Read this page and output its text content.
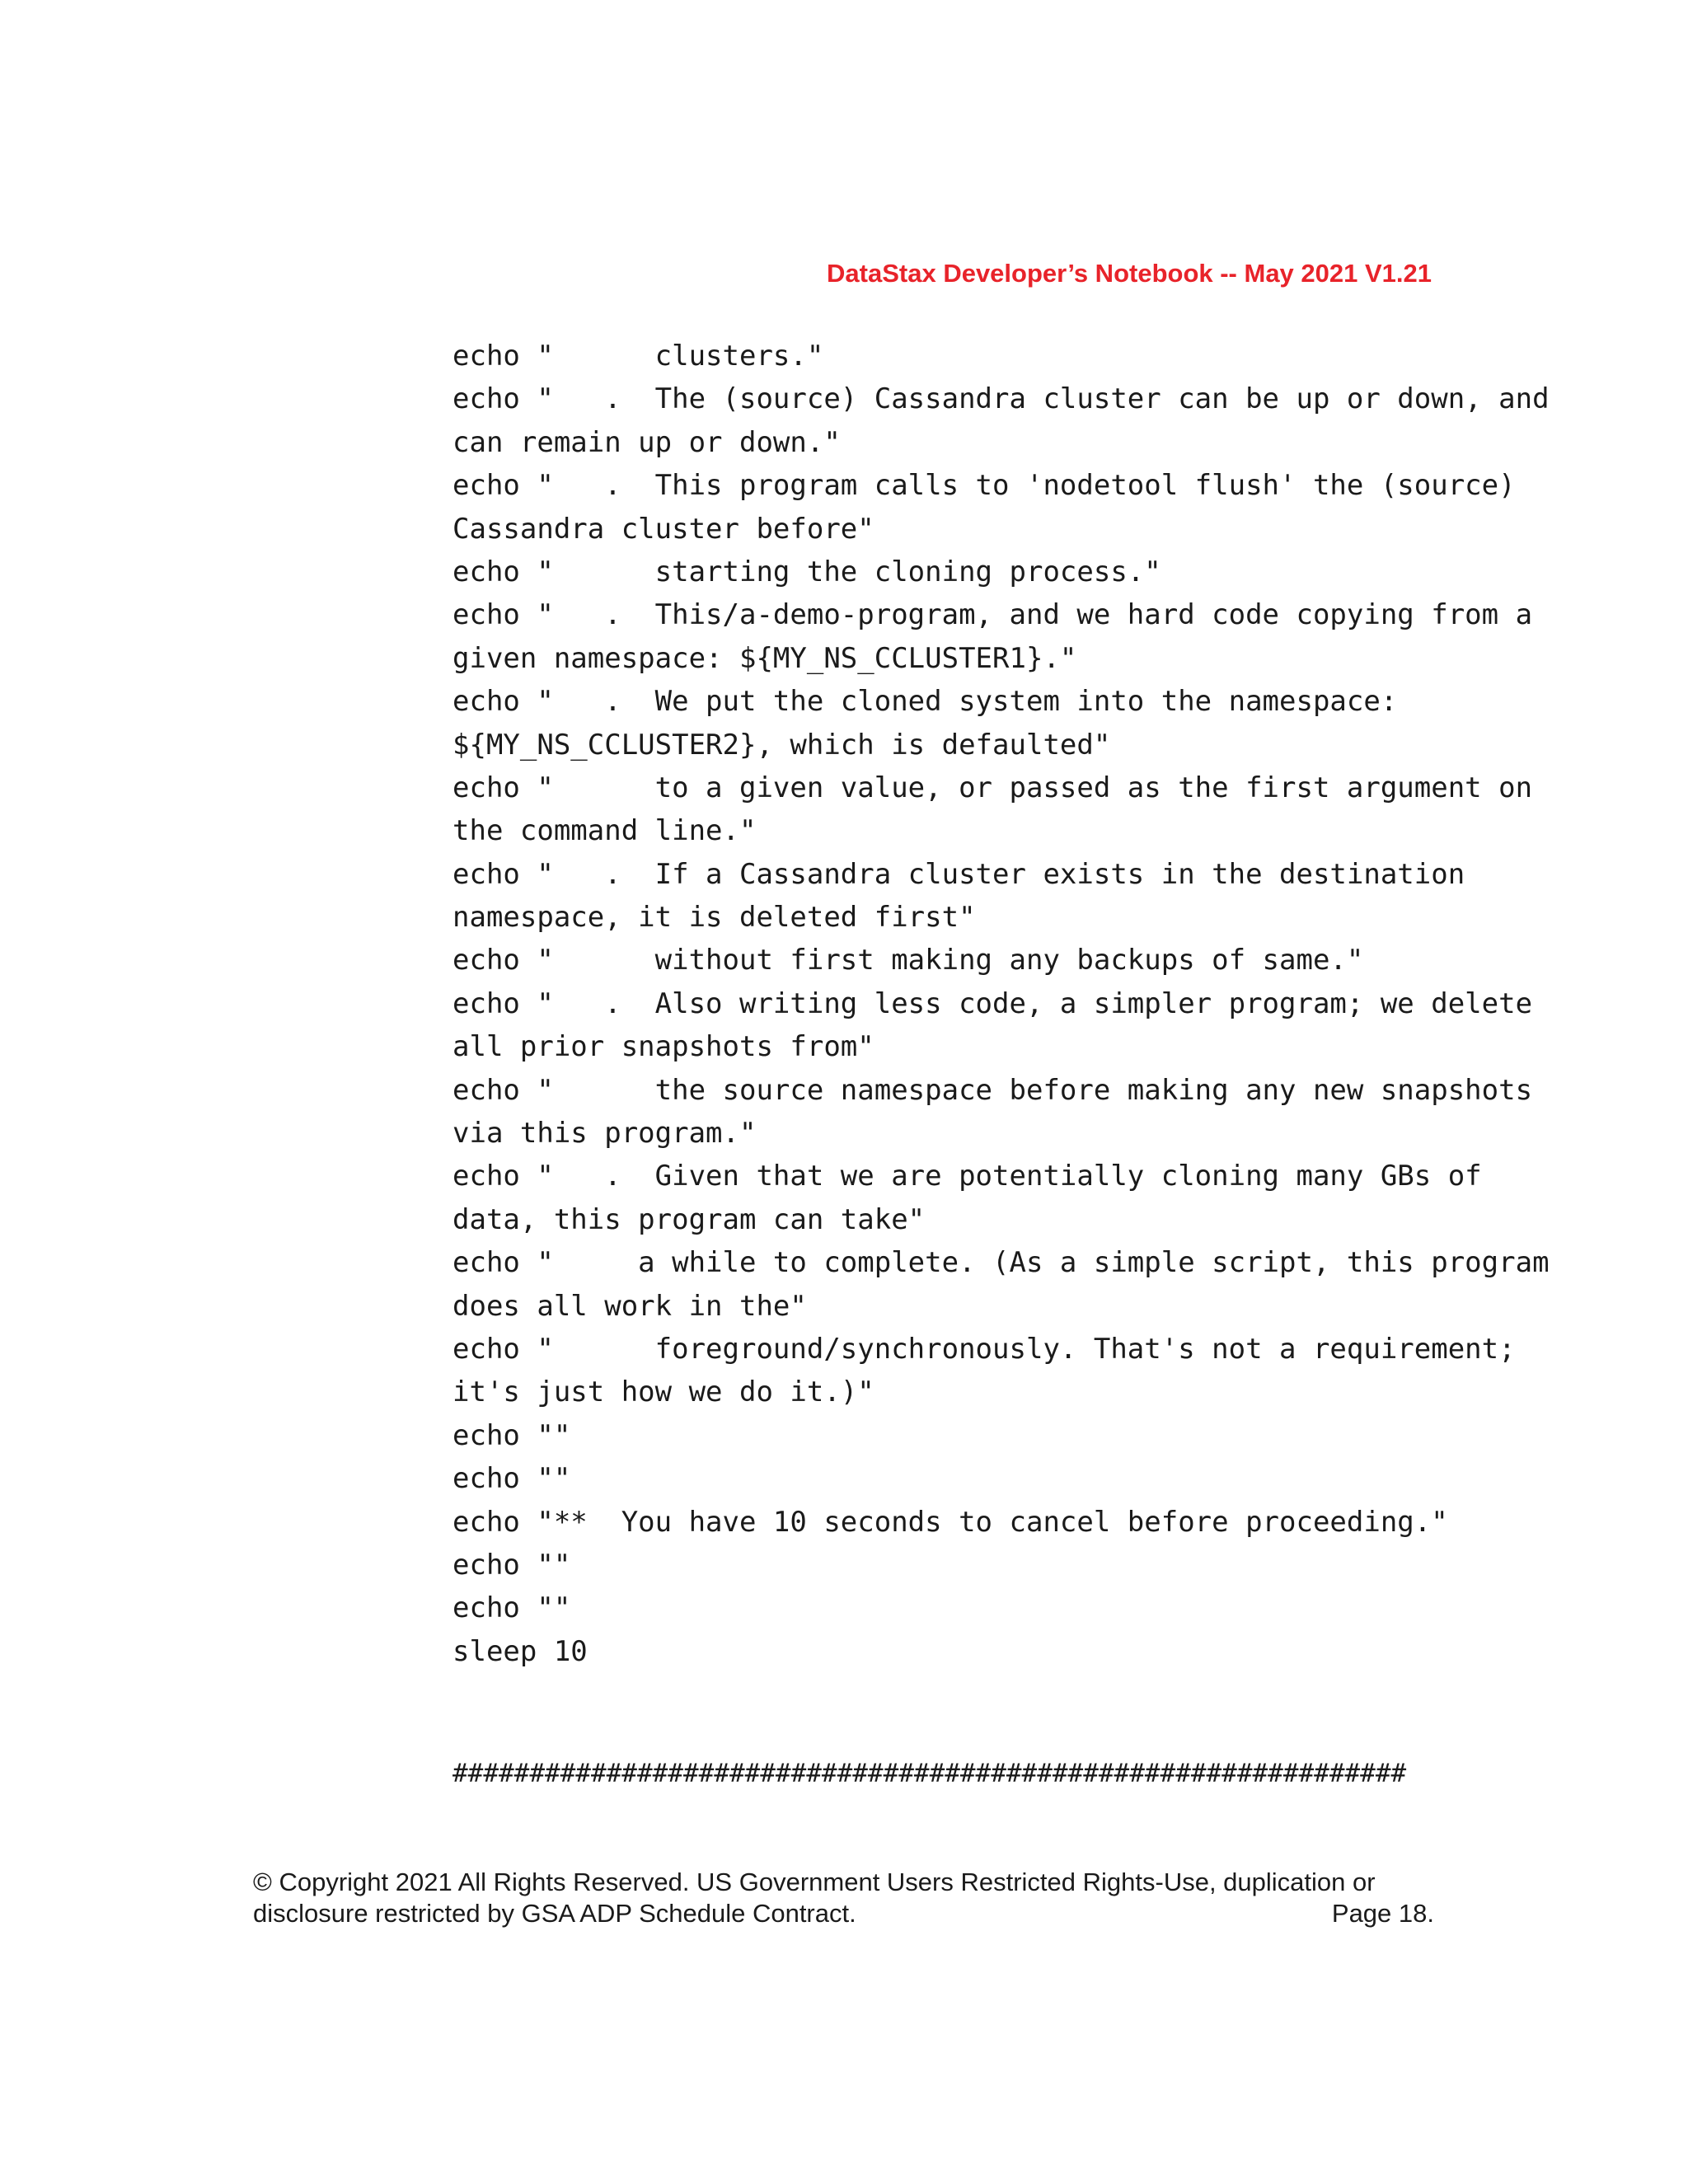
DataStax Developer’s Notebook -- May 2021 V1.21
echo "      clusters."
echo "   .  The (source) Cassandra cluster can be up or down, and
can remain up or down."
echo "   .  This program calls to 'nodetool flush' the (source)
Cassandra cluster before"
echo "      starting the cloning process."
echo "   .  This/a-demo-program, and we hard code copying from a
given namespace: ${MY_NS_CCLUSTER1}."
echo "   .  We put the cloned system into the namespace:
${MY_NS_CCLUSTER2}, which is defaulted"
echo "      to a given value, or passed as the first argument on
the command line."
echo "   .  If a Cassandra cluster exists in the destination
namespace, it is deleted first"
echo "      without first making any backups of same."
echo "   .  Also writing less code, a simpler program; we delete
all prior snapshots from"
echo "      the source namespace before making any new snapshots
via this program."
echo "   .  Given that we are potentially cloning many GBs of
data, this program can take"
echo "     a while to complete. (As a simple script, this program
does all work in the"
echo "      foreground/synchronously. That's not a requirement;
it's just how we do it.)"
echo ""
echo ""
echo "**  You have 10 seconds to cancel before proceeding."
echo ""
echo ""
sleep 10
##############################################################
© Copyright 2021 All Rights Reserved. US Government Users Restricted Rights-Use, duplication or
disclosure restricted by GSA ADP Schedule Contract.	Page 18.
